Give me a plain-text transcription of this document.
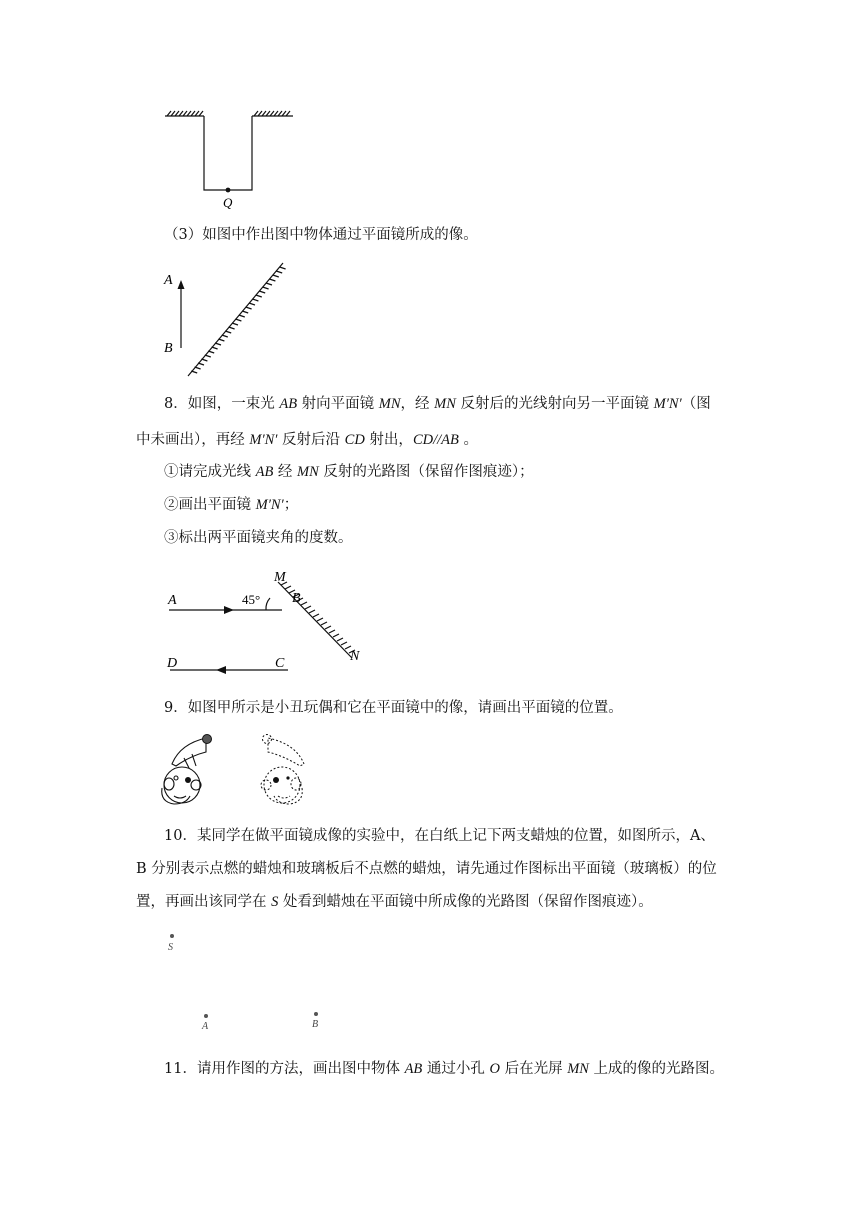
Q
（3）如图中作出图中物体通过平面镜所成的像。
A
B
8．如图，一束光 AB 射向平面镜 MN，经 MN 反射后的光线射向另一平面镜 M′N′（图
中未画出），再经 M′N′ 反射后沿 CD 射出，CD//AB 。
①请完成光线 AB 经 MN 反射的光路图（保留作图痕迹）；
②画出平面镜 M′N′；
③标出两平面镜夹角的度数。
A
M
B
N
C
D
45°
9．如图甲所示是小丑玩偶和它在平面镜中的像，请画出平面镜的位置。
10．某同学在做平面镜成像的实验中，在白纸上记下两支蜡烛的位置，如图所示，A、
B 分别表示点燃的蜡烛和玻璃板后不点燃的蜡烛，请先通过作图标出平面镜（玻璃板）的位
置，再画出该同学在 S 处看到蜡烛在平面镜中所成像的光路图（保留作图痕迹）。
S
A	B
11．请用作图的方法，画出图中物体 AB 通过小孔 O 后在光屏 MN 上成的像的光路图。
